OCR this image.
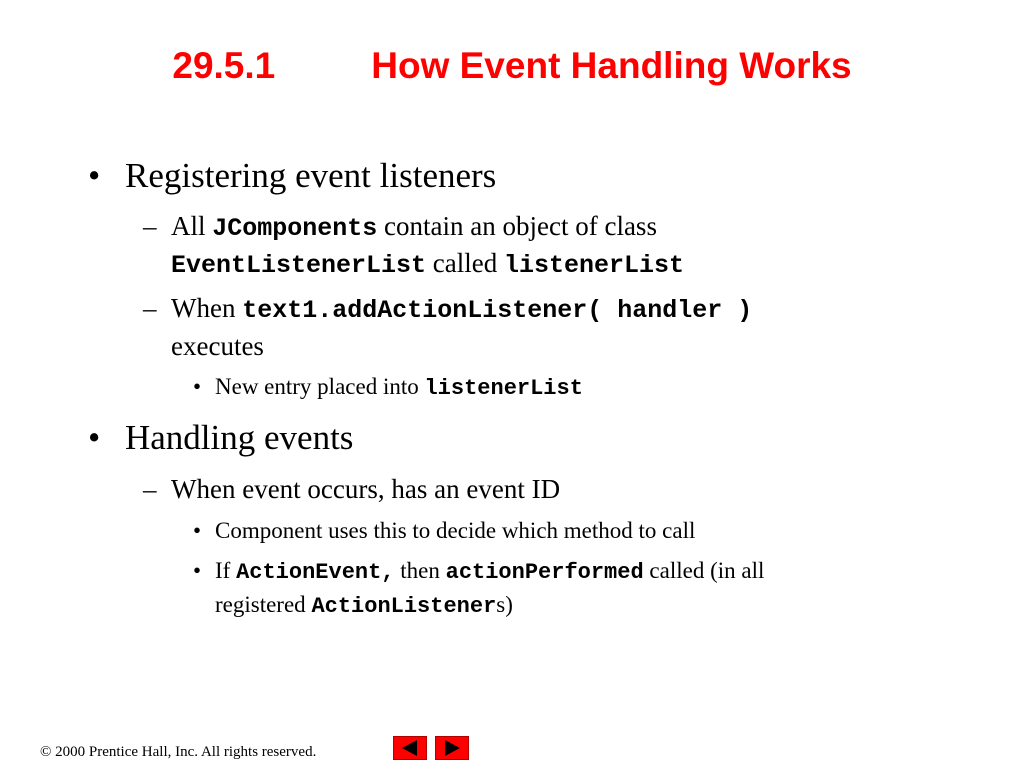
29.5.1	How Event Handling Works
• Registering event listeners
– All JComponents contain an object of class
EventListenerList called listenerList
– When text1.addActionListener( handler )
executes
• New entry placed into listenerList
• Handling events
– When event occurs, has an event ID
• Component uses this to decide which method to call
• If ActionEvent, then actionPerformed called (in all
registered ActionListeners)
© 2000 Prentice Hall, Inc. All rights reserved.
